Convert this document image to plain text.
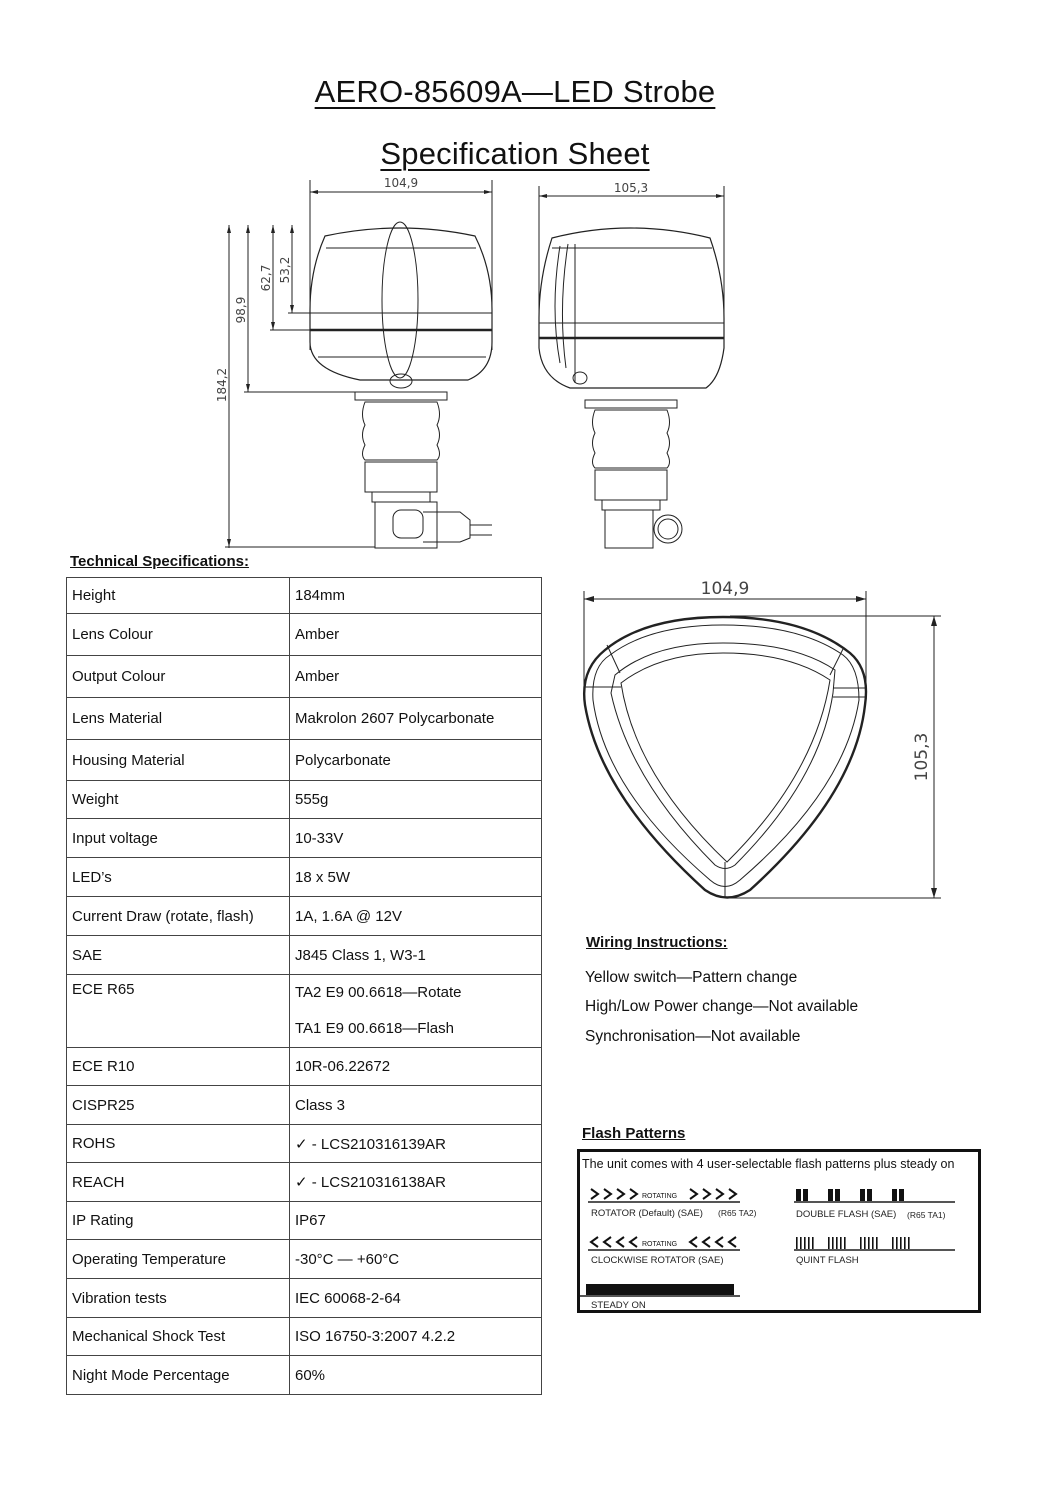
AERO-85609A—LED Strobe
Specification Sheet
104,9
184,2
98,9
62,7 53,2
105,3
104,9
105,3
Technical Specifications:
Height	184mm
Lens Colour	Amber
Output Colour	Amber
Lens Material	Makrolon 2607 Polycarbonate
Housing Material	Polycarbonate
Weight	555g
Input voltage	10-33V
LED’s	18 x 5W
Current Draw (rotate, flash)	1A, 1.6A @ 12V
SAE	J845 Class 1, W3-1
ECE R65	TA2 E9 00.6618—Rotate
TA1 E9 00.6618—Flash

ECE R10	10R-06.22672
CISPR25	Class 3
ROHS	✓ - LCS210316139AR
REACH	✓ - LCS210316138AR
IP Rating	IP67
Operating Temperature	-30°C — +60°C
Vibration tests	IEC 60068-2-64
Mechanical Shock Test	ISO 16750-3:2007 4.2.2
Night Mode Percentage	60%
Wiring Instructions:
Yellow switch—Pattern change
High/Low Power change—Not available
Synchronisation—Not available
Flash Patterns
The unit comes with 4 user-selectable flash patterns plus steady on
ROTATING
ROTATING
ROTATOR (Default) (SAE) (R65 TA2)	DOUBLE FLASH (SAE) (R65 TA1)
CLOCKWISE ROTATOR (SAE)	QUINT FLASH
STEADY ON
